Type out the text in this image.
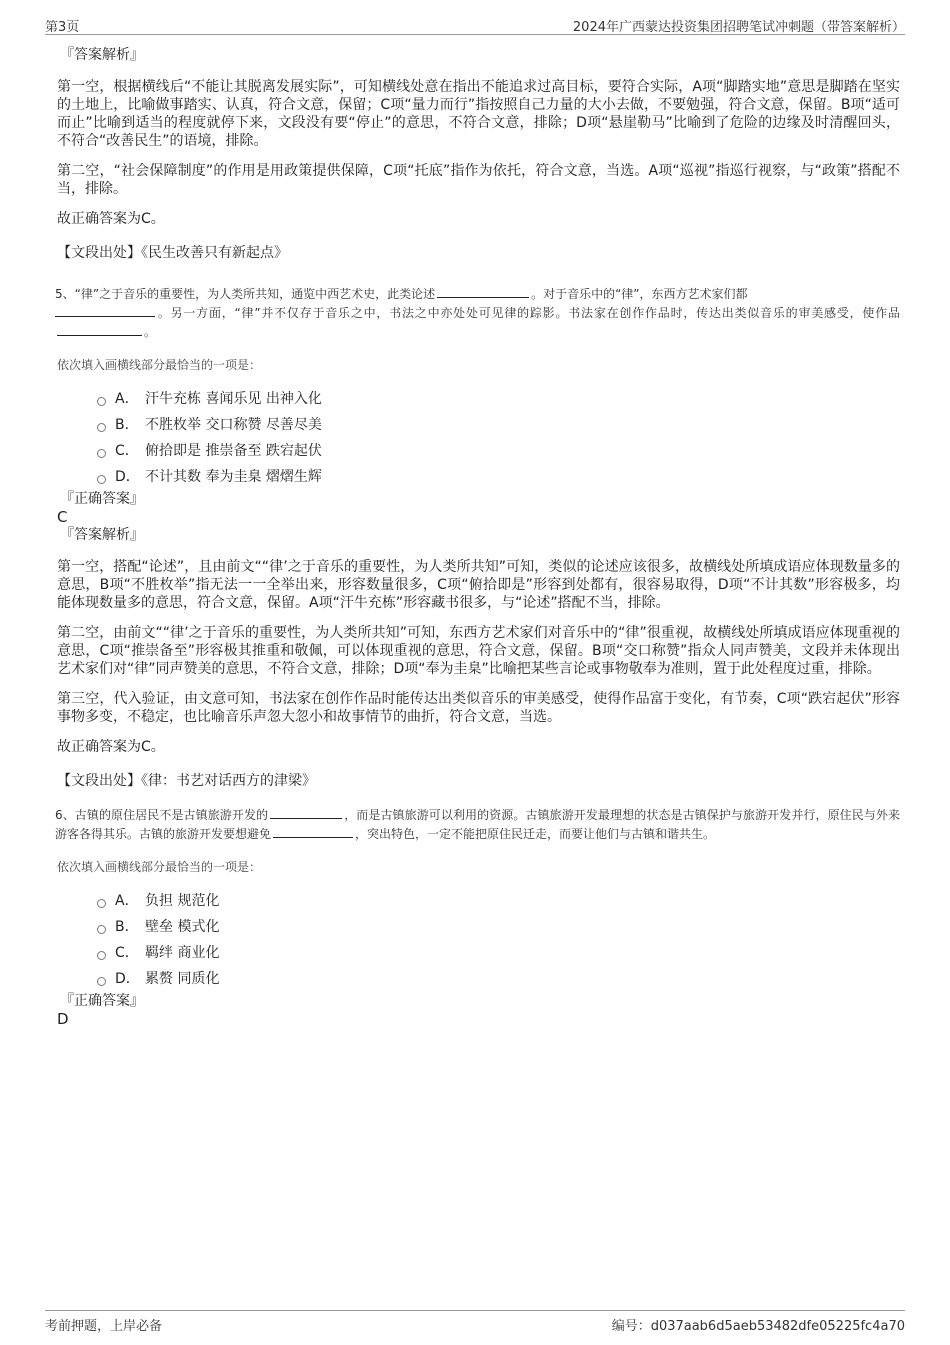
第3页	2024年广西蒙达投资集团招聘笔试冲刺题（带答案解析）
『答案解析』

第一空，根据横线后“不能让其脱离发展实际”，可知横线处意在指出不能追求过高目标，要符合实际，A项“脚踏实地”意思是脚踏在坚实的土地上，比喻做事踏实、认真，符合文意，保留；C项“量力而行”指按照自己力量的大小去做，不要勉强，符合文意，保留。B项“适可而止”比喻到适当的程度就停下来，文段没有要“停止”的意思，不符合文意，排除；D项“悬崖勒马”比喻到了危险的边缘及时清醒回头，不符合“改善民生”的语境，排除。

第二空，“社会保障制度”的作用是用政策提供保障，C项“托底”指作为依托，符合文意，当选。A项“巡视”指巡行视察，与“政策”搭配不当，排除。

故正确答案为C。

【文段出处】《民生改善只有新起点》

5、“律”之于音乐的重要性，为人类所共知，通览中西艺术史，此类论述	。对于音乐中的“律”，东西方艺术家们都
。另一方面，“律”并不仅存于音乐之中，书法之中亦处处可见律的踪影。书法家在创作作品时，传达出类似音乐的审美感受，使作品。

依次填入画横线部分最恰当的一项是：

A． 汗牛充栋 喜闻乐见 出神入化
B． 不胜枚举 交口称赞 尽善尽美
C． 俯拾即是 推崇备至 跌宕起伏
D． 不计其数 奉为圭臬 熠熠生辉
『正确答案』

C

『答案解析』

第一空，搭配“论述”，且由前文““律’之于音乐的重要性，为人类所共知”可知，类似的论述应该很多，故横线处所填成语应体现数量多的意思，B项“不胜枚举”指无法一一全举出来，形容数量很多，C项“俯拾即是”形容到处都有，很容易取得，D项“不计其数”形容极多，均能体现数量多的意思，符合文意，保留。A项“汗牛充栋”形容藏书很多，与“论述”搭配不当，排除。

第二空，由前文““律’之于音乐的重要性，为人类所共知”可知，东西方艺术家们对音乐中的“律”很重视，故横线处所填成语应体现重视的意思，C项“推崇备至”形容极其推重和敬佩，可以体现重视的意思，符合文意，保留。B项“交口称赞”指众人同声赞美，文段并未体现出艺术家们对“律”同声赞美的意思，不符合文意，排除；D项“奉为圭臬”比喻把某些言论或事物敬奉为准则，置于此处程度过重，排除。

第三空，代入验证，由文意可知，书法家在创作作品时能传达出类似音乐的审美感受，使得作品富于变化，有节奏，C项“跌宕起伏”形容事物多变，不稳定，也比喻音乐声忽大忽小和故事情节的曲折，符合文意，当选。

故正确答案为C。

【文段出处】《律：书艺对话西方的津梁》

6、古镇的原住居民不是古镇旅游开发的	，而是古镇旅游可以利用的资源。古镇旅游开发最理想的状态是古镇保护与旅游开发并行，原住民与外来游客各得其乐。古镇的旅游开发要想避免	，突出特色，一定不能把原住民迁走，而要让他们与古镇和谐共生。

依次填入画横线部分最恰当的一项是：

A． 负担 规范化
B． 壁垒 模式化
C． 羁绊 商业化
D． 累赘 同质化
『正确答案』

D

考前押题，上岸必备	编号：d037aab6d5aeb53482dfe05225fc4a70
